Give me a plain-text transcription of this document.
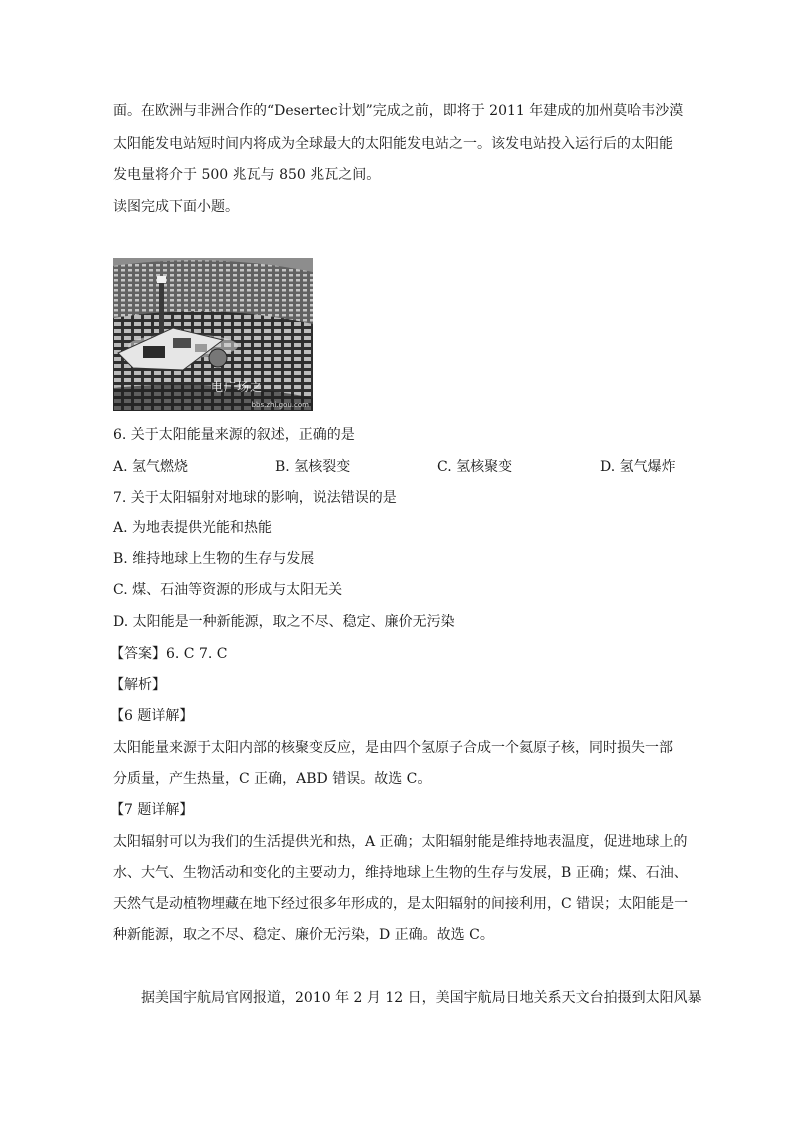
面。在欧洲与非洲合作的“Desertec计划”完成之前，即将于 2011 年建成的加州莫哈韦沙漠
太阳能发电站短时间内将成为全球最大的太阳能发电站之一。该发电站投入运行后的太阳能
发电量将介于 500 兆瓦与 850 兆瓦之间。
读图完成下面小题。
电广场之
bbs.zhi.gou.com
6. 关于太阳能量来源的叙述，正确的是
A. 氢气燃烧	B. 氢核裂变	C. 氢核聚变	D. 氢气爆炸
7. 关于太阳辐射对地球的影响，说法错误的是
A. 为地表提供光能和热能
B. 维持地球上生物的生存与发展
C. 煤、石油等资源的形成与太阳无关
D. 太阳能是一种新能源，取之不尽、稳定、廉价无污染
【答案】6. C 7. C
【解析】
【6 题详解】
太阳能量来源于太阳内部的核聚变反应，是由四个氢原子合成一个氦原子核，同时损失一部
分质量，产生热量，C 正确，ABD 错误。故选 C。
【7 题详解】
太阳辐射可以为我们的生活提供光和热，A 正确；太阳辐射能是维持地表温度，促进地球上的
水、大气、生物活动和变化的主要动力，维持地球上生物的生存与发展，B 正确；煤、石油、
天然气是动植物埋藏在地下经过很多年形成的，是太阳辐射的间接利用，C 错误；太阳能是一
种新能源，取之不尽、稳定、廉价无污染，D 正确。故选 C。
据美国宇航局官网报道，2010 年 2 月 12 日，美国宇航局日地关系天文台拍摄到太阳风暴
